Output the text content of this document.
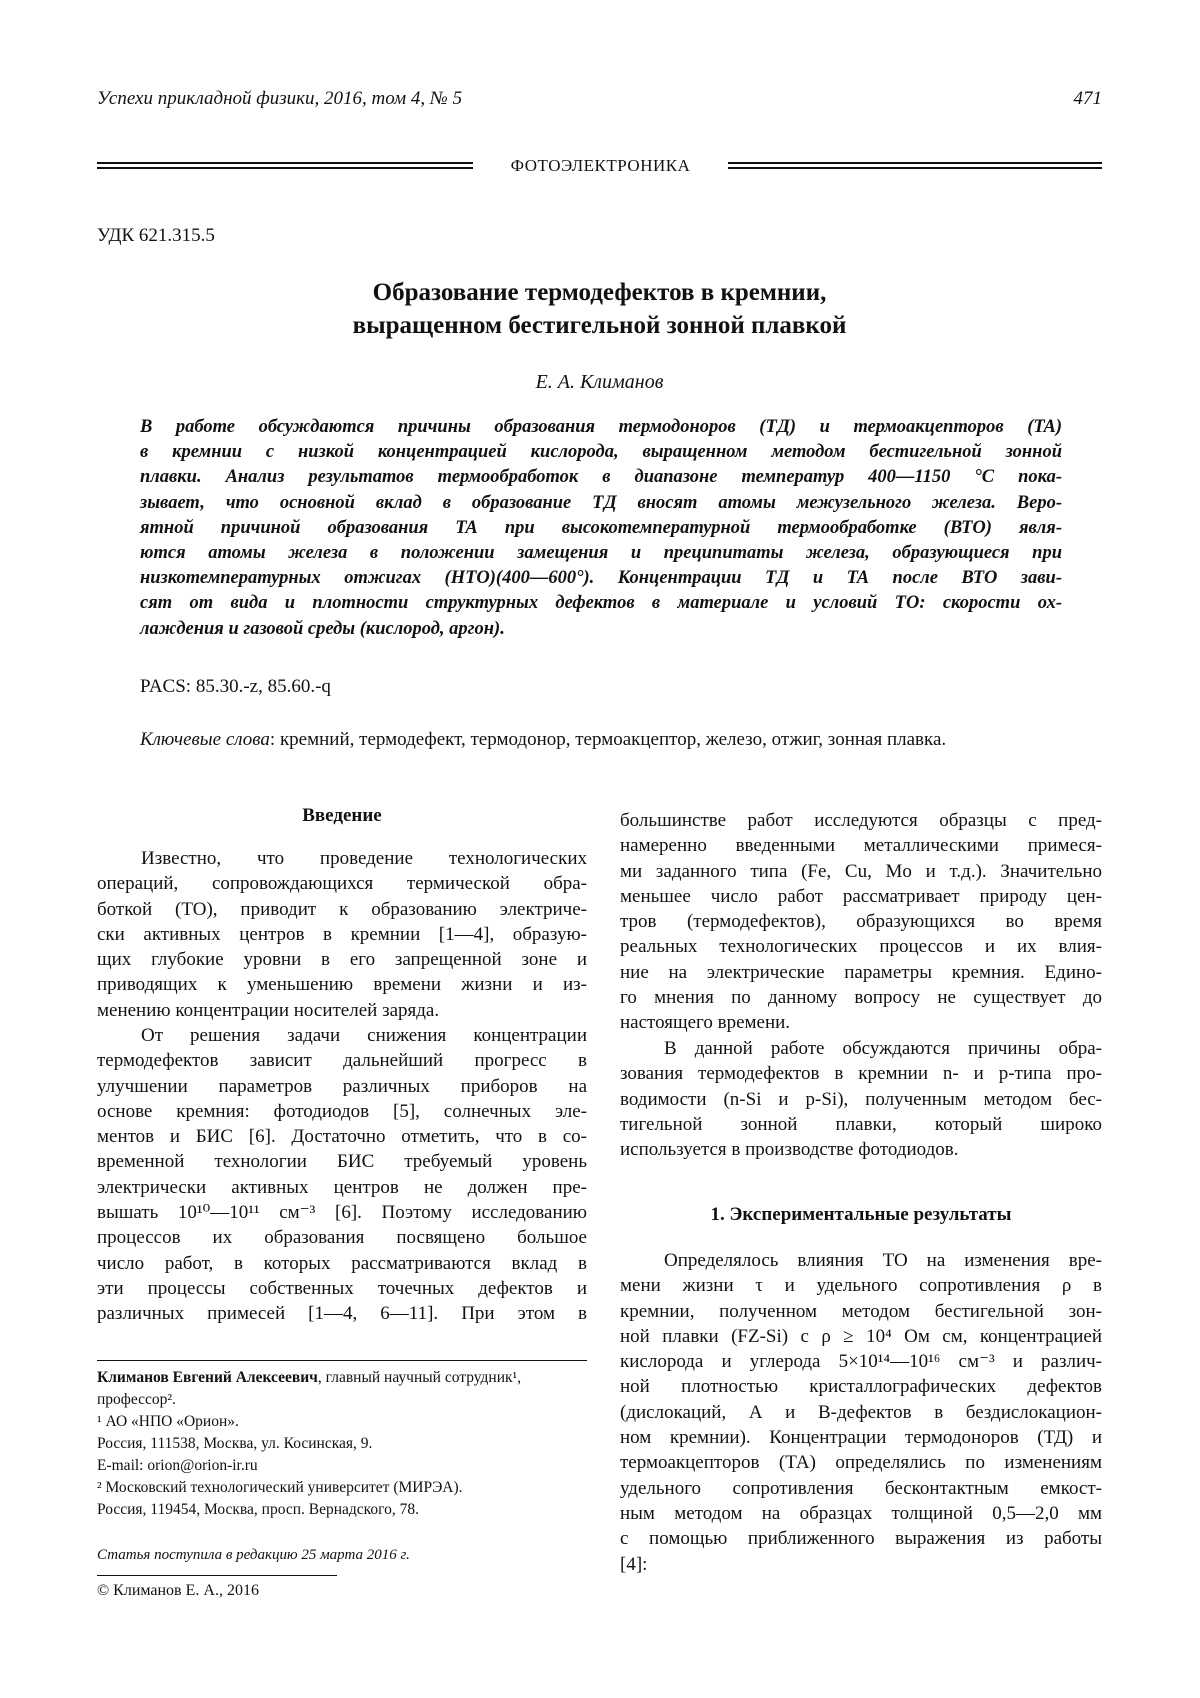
Успехи прикладной физики, 2016, том 4, № 5	471
ФОТОЭЛЕКТРОНИКА
УДК 621.315.5
Образование термодефектов в кремнии,
выращенном бестигельной зонной плавкой
Е. А. Климанов
В работе обсуждаются причины образования термодоноров (ТД) и термоакцепторов (ТА)
в кремнии с низкой концентрацией кислорода, выращенном методом бестигельной зонной
плавки. Анализ результатов термообработок в диапазоне температур 400—1150 °С пока-
зывает, что основной вклад в образование ТД вносят атомы межузельного железа. Веро-
ятной причиной образования ТА при высокотемпературной термообработке (ВТО) явля-
ются атомы железа в положении замещения и преципитаты железа, образующиеся при
низкотемпературных отжигах (НТО)(400—600°). Концентрации ТД и ТА после ВТО зави-
сят от вида и плотности структурных дефектов в материале и условий ТО: скорости ох-
лаждения и газовой среды (кислород, аргон).
PACS: 85.30.-z, 85.60.-q
Ключевые слова: кремний, термодефект, термодонор, термоакцептор, железо, отжиг, зонная плавка.
Введение
Известно, что проведение технологических
операций, сопровождающихся термической обра-
боткой (ТО), приводит к образованию электриче-
ски активных центров в кремнии [1—4], образую-
щих глубокие уровни в его запрещенной зоне и
приводящих к уменьшению времени жизни и из-
менению концентрации носителей заряда.
От решения задачи снижения концентрации
термодефектов зависит дальнейший прогресс в
улучшении параметров различных приборов на
основе кремния: фотодиодов [5], солнечных эле-
ментов и БИС [6]. Достаточно отметить, что в со-
временной технологии БИС требуемый уровень
электрически активных центров не должен пре-
вышать 10¹⁰—10¹¹ см⁻³ [6]. Поэтому исследованию
процессов их образования посвящено большое
число работ, в которых рассматриваются вклад в
эти процессы собственных точечных дефектов и
различных примесей [1—4, 6—11]. При этом в
Климанов Евгений Алексеевич, главный научный сотрудник¹,
профессор².
¹ АО «НПО «Орион».
Россия, 111538, Москва, ул. Косинская, 9.
E-mail: orion@orion-ir.ru
² Московский технологический университет (МИРЭА).
Россия, 119454, Москва, просп. Вернадского, 78.
Статья поступила в редакцию 25 марта 2016 г.
© Климанов Е. А., 2016
большинстве работ исследуются образцы с пред-
намеренно введенными металлическими примеся-
ми заданного типа (Fe, Cu, Mo и т.д.). Значительно
меньшее число работ рассматривает природу цен-
тров (термодефектов), образующихся во время
реальных технологических процессов и их влия-
ние на электрические параметры кремния. Едино-
го мнения по данному вопросу не существует до
настоящего времени.
В данной работе обсуждаются причины обра-
зования термодефектов в кремнии n- и p-типа про-
водимости (n-Si и p-Si), полученным методом бес-
тигельной зонной плавки, который широко
используется в производстве фотодиодов.
1. Экспериментальные результаты
Определялось влияния ТО на изменения вре-
мени жизни τ и удельного сопротивления ρ в
кремнии, полученном методом бестигельной зон-
ной плавки (FZ-Si) с ρ ≥ 10⁴ Ом см, концентрацией
кислорода и углерода 5×10¹⁴—10¹⁶ см⁻³ и различ-
ной плотностью кристаллографических дефектов
(дислокаций, А и В-дефектов в бездислокацион-
ном кремнии). Концентрации термодоноров (ТД) и
термоакцепторов (ТА) определялись по изменениям
удельного сопротивления бесконтактным емкост-
ным методом на образцах толщиной 0,5—2,0 мм
с помощью приближенного выражения из работы
[4]:
